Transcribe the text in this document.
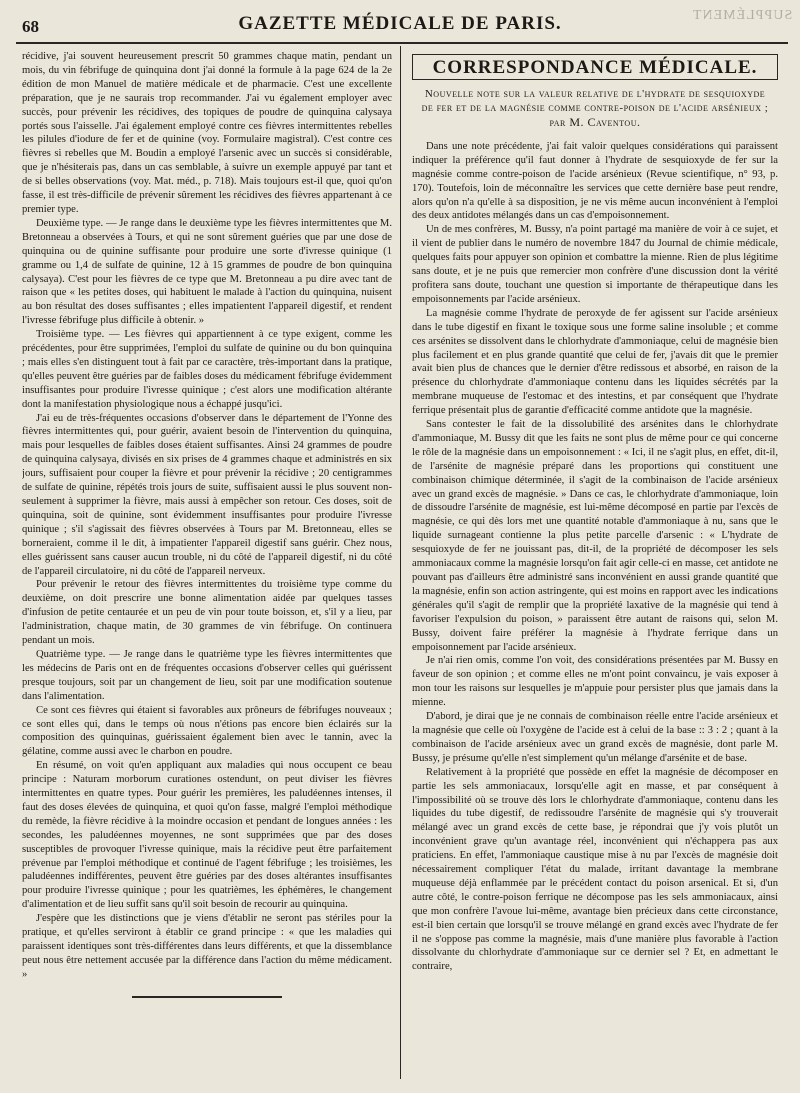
68	GAZETTE MÉDICALE DE PARIS.	SUPPLÉMENT

récidive, j'ai souvent heureusement prescrit 50 grammes chaque matin, pendant un mois, du vin fébrifuge de quinquina dont j'ai donné la formule à la page 624 de la 2e édition de mon Manuel de matière médicale et de pharmacie. C'est une excellente préparation, que je ne saurais trop recommander. J'ai vu également employer avec succès, pour prévenir les récidives, des topiques de poudre de quinquina calysaya portés sous l'aisselle. J'ai également employé contre ces fièvres intermittentes rebelles les pilules d'iodure de fer et de quinine (voy. Formulaire magistral). C'est contre ces fièvres si rebelles que M. Boudin a employé l'arsenic avec un succès si considérable, que je n'hésiterais pas, dans un cas semblable, à suivre un exemple appuyé par tant et de si belles observations (voy. Mat. méd., p. 718). Mais toujours est-il que, quoi qu'on fasse, il est très-difficile de prévenir sûrement les récidives des fièvres appartenant à ce premier type.

Deuxième type. — Je range dans le deuxième type les fièvres intermittentes que M. Bretonneau a observées à Tours, et qui ne sont sûrement guéries que par une dose de quinquina ou de quinine suffisante pour produire une sorte d'ivresse quinique (1 gramme ou 1,4 de sulfate de quinine, 12 à 15 grammes de poudre de bon quinquina calysaya). C'est pour les fièvres de ce type que M. Bretonneau a pu dire avec tant de raison que « les petites doses, qui habituent le malade à l'action du quinquina, nuisent au bon résultat des doses suffisantes ; elles impatientent l'appareil digestif, et rendent l'ivresse fébrifuge plus difficile à obtenir. »

Troisième type. — Les fièvres qui appartiennent à ce type exigent, comme les précédentes, pour être supprimées, l'emploi du sulfate de quinine ou du bon quinquina ; mais elles s'en distinguent tout à fait par ce caractère, très-important dans la pratique, qu'elles peuvent être guéries par de faibles doses du médicament fébrifuge évidemment insuffisantes pour produire l'ivresse quinique ; c'est alors une modification altérante dont la manifestation physiologique nous a échappé jusqu'ici.

J'ai eu de très-fréquentes occasions d'observer dans le département de l'Yonne des fièvres intermittentes qui, pour guérir, avaient besoin de l'intervention du quinquina, mais pour lesquelles de faibles doses étaient suffisantes. Ainsi 24 grammes de poudre de quinquina calysaya, divisés en six prises de 4 grammes chaque et administrés en six jours, suffisaient pour couper la fièvre et pour prévenir la récidive ; 20 centigrammes de sulfate de quinine, répétés trois jours de suite, suffisaient aussi le plus souvent non-seulement à supprimer la fièvre, mais aussi à empêcher son retour. Ces doses, soit de quinquina, soit de quinine, sont évidemment insuffisantes pour produire l'ivresse quinique ; s'il s'agissait des fièvres observées à Tours par M. Bretonneau, elles se borneraient, comme il le dit, à impatienter l'appareil digestif sans guérir. Chez nous, elles guérissent sans causer aucun trouble, ni du côté de l'appareil digestif, ni du côté de l'appareil circulatoire, ni du côté de l'appareil nerveux.

Pour prévenir le retour des fièvres intermittentes du troisième type comme du deuxième, on doit prescrire une bonne alimentation aidée par quelques tasses d'infusion de petite centaurée et un peu de vin pour toute boisson, et, s'il y a lieu, par l'administration, chaque matin, de 30 grammes de vin fébrifuge. On continuera pendant un mois.

Quatrième type. — Je range dans le quatrième type les fièvres intermittentes que les médecins de Paris ont en de fréquentes occasions d'observer celles qui guérissent presque toujours, soit par un changement de lieu, soit par une modification soutenue dans l'alimentation.

Ce sont ces fièvres qui étaient si favorables aux prôneurs de fébrifuges nouveaux ; ce sont elles qui, dans le temps où nous n'étions pas encore bien éclairés sur la composition des quinquinas, guérissaient également bien avec le tannin, avec la gélatine, comme aussi avec le charbon en poudre.

En résumé, on voit qu'en appliquant aux maladies qui nous occupent ce beau principe : Naturam morborum curationes ostendunt, on peut diviser les fièvres intermittentes en quatre types. Pour guérir les premières, les paludéennes intenses, il faut des doses élevées de quinquina, et quoi qu'on fasse, malgré l'emploi méthodique du remède, la fièvre récidive à la moindre occasion et pendant de longues années : les secondes, les paludéennes moyennes, ne sont supprimées que par des doses susceptibles de provoquer l'ivresse quinique, mais la récidive peut être parfaitement prévenue par l'emploi méthodique et continué de l'agent fébrifuge ; les troisièmes, les paludéennes indifférentes, peuvent être guéries par des doses altérantes insuffisantes pour produire l'ivresse quinique ; pour les quatrièmes, les éphémères, le changement d'alimentation et de lieu suffit sans qu'il soit besoin de recourir au quinquina.

J'espère que les distinctions que je viens d'établir ne seront pas stériles pour la pratique, et qu'elles serviront à établir ce grand principe : « que les maladies qui paraissent identiques sont très-différentes dans leurs différents, et que la dissemblance peut nous être nettement accusée par la différence dans l'action du même médicament. »

CORRESPONDANCE MÉDICALE.
Nouvelle note sur la valeur relative de l'hydrate de sesquioxyde de fer et de la magnésie comme contre-poison de l'acide arsénieux ; par M. Caventou.

Dans une note précédente, j'ai fait valoir quelques considérations qui paraissent indiquer la préférence qu'il faut donner à l'hydrate de sesquioxyde de fer sur la magnésie comme contre-poison de l'acide arsénieux (Revue scientifique, n° 93, p. 170). Toutefois, loin de méconnaître les services que cette dernière base peut rendre, alors qu'on n'a qu'elle à sa disposition, je ne vis même aucun inconvénient à l'emploi des deux antidotes mélangés dans un cas d'empoisonnement.

Un de mes confrères, M. Bussy, n'a point partagé ma manière de voir à ce sujet, et il vient de publier dans le numéro de novembre 1847 du Journal de chimie médicale, quelques faits pour appuyer son opinion et combattre la mienne. Rien de plus légitime sans doute, et je ne puis que remercier mon confrère d'une discussion dont la vérité profitera sans doute, touchant une question si importante de thérapeutique dans les empoisonnements par l'acide arsénieux.

La magnésie comme l'hydrate de peroxyde de fer agissent sur l'acide arsénieux dans le tube digestif en fixant le toxique sous une forme saline insoluble ; et comme ces arsénites se dissolvent dans le chlorhydrate d'ammoniaque, celui de magnésie bien plus facilement et en plus grande quantité que celui de fer, j'avais dit que le premier avait bien plus de chances que le dernier d'être redissous et absorbé, en raison de la présence du chlorhydrate d'ammoniaque contenu dans les liquides sécrétés par la membrane muqueuse de l'estomac et des intestins, et par conséquent que l'hydrate ferrique présentait plus de garantie d'efficacité comme antidote que la magnésie.

Sans contester le fait de la dissolubilité des arsénites dans le chlorhydrate d'ammoniaque, M. Bussy dit que les faits ne sont plus de même pour ce qui concerne le rôle de la magnésie dans un empoisonnement : « Ici, il ne s'agit plus, en effet, dit-il, de l'arsénite de magnésie préparé dans les proportions qui constituent une combinaison chimique déterminée, il s'agit de la combinaison de l'acide arsénieux avec un grand excès de magnésie. » Dans ce cas, le chlorhydrate d'ammoniaque, loin de dissoudre l'arsénite de magnésie, est lui-même décomposé en partie par l'excès de magnésie, ce qui dès lors met une quantité notable d'ammoniaque à nu, sans que le liquide surnageant contienne la plus petite parcelle d'arsenic : « L'hydrate de sesquioxyde de fer ne jouissant pas, dit-il, de la propriété de décomposer les sels ammoniacaux comme la magnésie lorsqu'on fait agir celle-ci en masse, cet antidote ne pouvant pas d'ailleurs être administré sans inconvénient en aussi grande quantité que la magnésie, enfin son action astringente, qui est moins en rapport avec les indications générales qu'il s'agit de remplir que la propriété laxative de la magnésie qui tend à favoriser l'expulsion du poison, » paraissent être autant de raisons qui, selon M. Bussy, doivent faire préférer la magnésie à l'hydrate ferrique dans un empoisonnement par l'acide arsénieux.

Je n'ai rien omis, comme l'on voit, des considérations présentées par M. Bussy en faveur de son opinion ; et comme elles ne m'ont point convaincu, je vais exposer à mon tour les raisons sur lesquelles je m'appuie pour persister plus que jamais dans la mienne.

D'abord, je dirai que je ne connais de combinaison réelle entre l'acide arsénieux et la magnésie que celle où l'oxygène de l'acide est à celui de la base :: 3 : 2 ; quant à la combinaison de l'acide arsénieux avec un grand excès de magnésie, dont parle M. Bussy, je présume qu'elle n'est simplement qu'un mélange d'arsénite et de base.

Relativement à la propriété que possède en effet la magnésie de décomposer en partie les sels ammoniacaux, lorsqu'elle agit en masse, et par conséquent à l'impossibilité où se trouve dès lors le chlorhydrate d'ammoniaque, contenu dans les liquides du tube digestif, de redissoudre l'arsénite de magnésie qui s'y trouverait mélangé avec un grand excès de cette base, je répondrai que j'y vois plutôt un inconvénient grave qu'un avantage réel, inconvénient qui n'échappera pas aux praticiens. En effet, l'ammoniaque caustique mise à nu par l'excès de magnésie doit nécessairement compliquer l'état du malade, irritant davantage la membrane muqueuse déjà enflammée par le précédent contact du poison arsenical. Et si, d'un autre côté, le contre-poison ferrique ne décompose pas les sels ammoniacaux, ainsi que mon confrère l'avoue lui-même, avantage bien précieux dans cette circonstance, est-il bien certain que lorsqu'il se trouve mélangé en grand excès avec l'hydrate de fer il ne s'oppose pas comme la magnésie, mais d'une manière plus favorable à l'action dissolvante du chlorhydrate d'ammoniaque sur ce dernier sel ? Et, en admettant le contraire,
